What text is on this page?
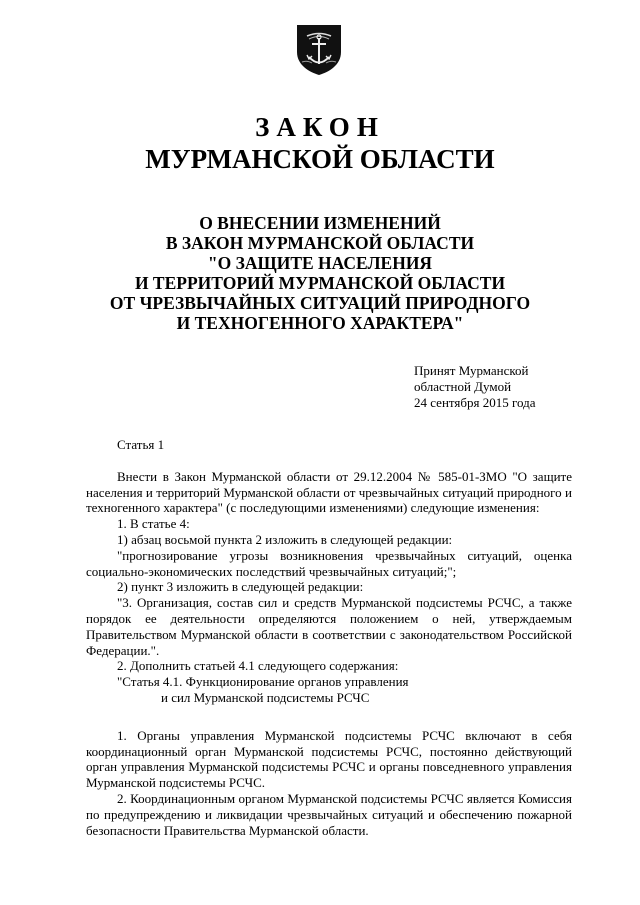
ЗАКОН
МУРМАНСКОЙ ОБЛАСТИ
О ВНЕСЕНИИ ИЗМЕНЕНИЙ
В ЗАКОН МУРМАНСКОЙ ОБЛАСТИ
"О ЗАЩИТЕ НАСЕЛЕНИЯ
И ТЕРРИТОРИЙ МУРМАНСКОЙ ОБЛАСТИ
ОТ ЧРЕЗВЫЧАЙНЫХ СИТУАЦИЙ ПРИРОДНОГО
И ТЕХНОГЕННОГО ХАРАКТЕРА"
Принят Мурманской
областной Думой
24 сентября 2015 года

Статья 1

Внести в Закон Мурманской области от 29.12.2004 № 585-01-ЗМО "О защите населения и территорий Мурманской области от чрезвычайных ситуаций природного и техногенного характера" (с последующими изменениями) следующие изменения:

1. В статье 4:

1) абзац восьмой пункта 2 изложить в следующей редакции:

"прогнозирование угрозы возникновения чрезвычайных ситуаций, оценка социально-экономических последствий чрезвычайных ситуаций;";

2) пункт 3 изложить в следующей редакции:

"3. Организация, состав сил и средств Мурманской подсистемы РСЧС, а также порядок ее деятельности определяются положением о ней, утверждаемым Правительством Мурманской области в соответствии с законодательством Российской Федерации.".

2. Дополнить статьей 4.1 следующего содержания:

"Статья 4.1. Функционирование органов управления

и сил Мурманской подсистемы РСЧС

1. Органы управления Мурманской подсистемы РСЧС включают в себя координационный орган Мурманской подсистемы РСЧС, постоянно действующий орган управления Мурманской подсистемы РСЧС и органы повседневного управления Мурманской подсистемы РСЧС.

2. Координационным органом Мурманской подсистемы РСЧС является Комиссия по предупреждению и ликвидации чрезвычайных ситуаций и обеспечению пожарной безопасности Правительства Мурманской области.
